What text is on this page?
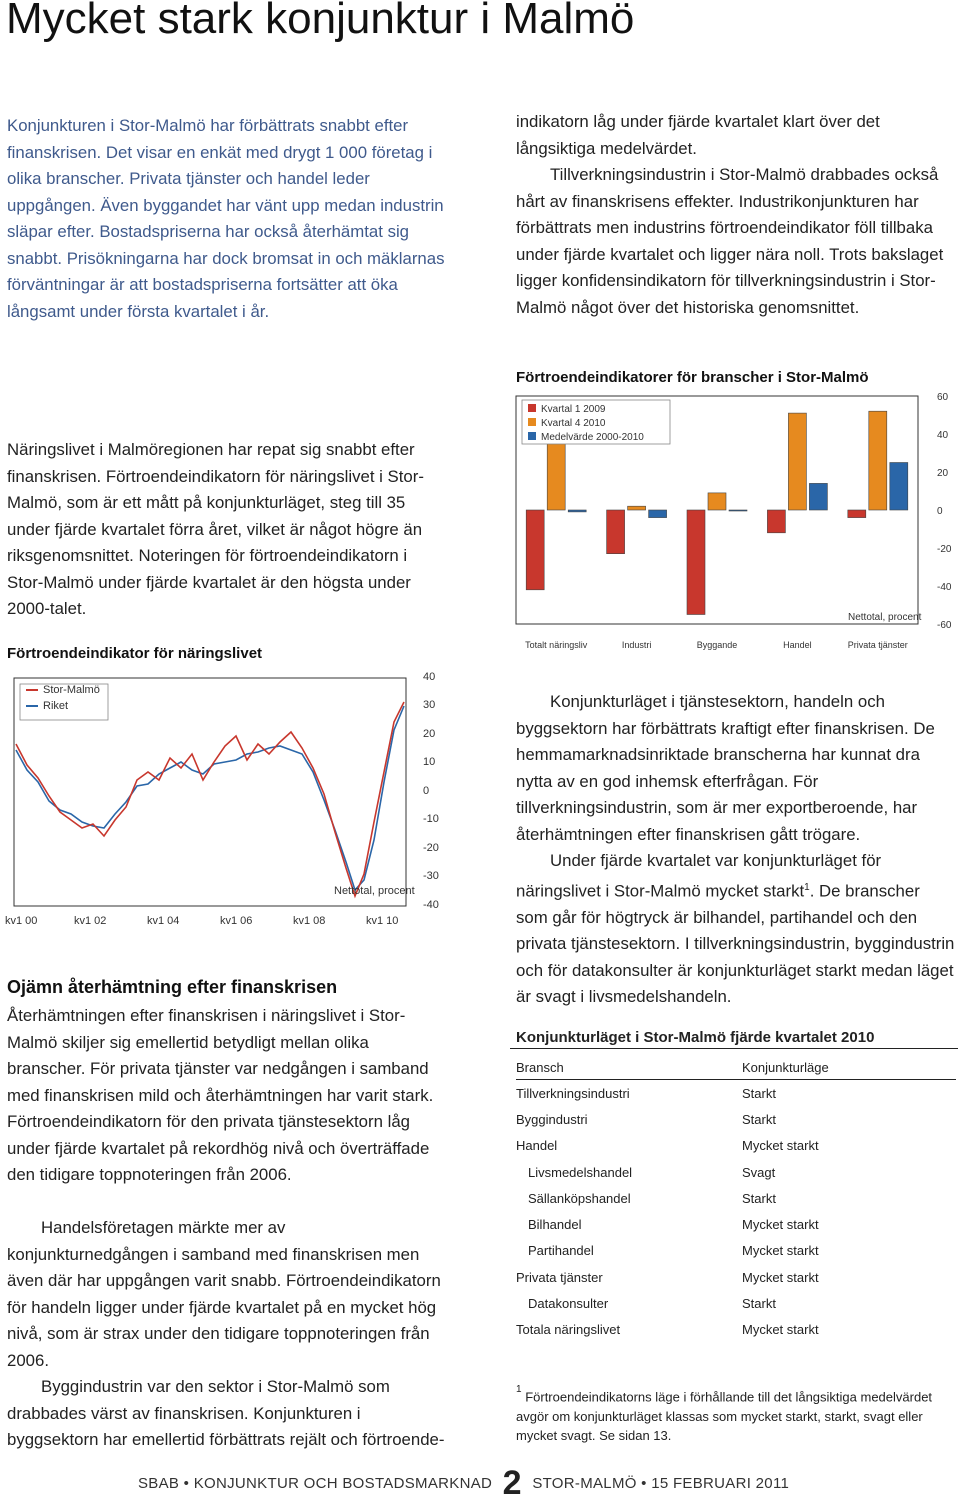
Mycket stark konjunktur i Malmö
Konjunkturen i Stor-Malmö har förbättrats snabbt efter finanskrisen. Det visar en enkät med drygt 1 000 företag i olika branscher. Privata tjänster och handel leder uppgången. Även byggandet har vänt upp medan industrin släpar efter. Bostadspriserna har också återhämtat sig snabbt. Prisökningarna har dock bromsat in och mäklarnas förväntningar är att bostadspriserna fortsätter att öka långsamt under första kvartalet i år.
Näringslivet i Malmöregionen har repat sig snabbt efter finanskrisen. Förtroendeindikatorn för näringslivet i Stor-Malmö, som är ett mått på konjunkturläget, steg till 35 under fjärde kvartalet förra året, vilket är något högre än riksgenomsnittet. Noteringen för förtroendeindikatorn i Stor-Malmö under fjärde kvartalet är den högsta under 2000-talet.
Förtroendeindikator för näringslivet
Stor-Malmö
Riket
Nettotal, procent
kv1 00	kv1 02	kv1 04	kv1 06	kv1 08	kv1 10
40
30
20
10
0
-10
-20
-30
-40
Ojämn återhämtning efter finanskrisen
Återhämtningen efter finanskrisen i näringslivet i Stor-Malmö skiljer sig emellertid betydligt mellan olika branscher. För privata tjänster var nedgången i samband med finanskrisen mild och återhämtningen har varit stark. Förtroendeindikatorn för den privata tjänstesektorn låg under fjärde kvartalet på rekordhög nivå och överträffade den tidigare toppnoteringen från 2006.
Handelsföretagen märkte mer av konjunkturnedgången i samband med finanskrisen men även där har uppgången varit snabb. Förtroendeindikatorn för handeln ligger under fjärde kvartalet på en mycket hög nivå, som är strax under den tidigare toppnoteringen från 2006.
Byggindustrin var den sektor i Stor-Malmö som drabbades värst av finanskrisen. Konjunkturen i byggsektorn har emellertid förbättrats rejält och förtroende-
indikatorn låg under fjärde kvartalet klart över det långsiktiga medelvärdet.
Tillverkningsindustrin i Stor-Malmö drabbades också hårt av finanskrisens effekter. Industrikonjunkturen har förbättrats men industrins förtroendeindikator föll tillbaka under fjärde kvartalet och ligger nära noll. Trots bakslaget ligger konfidensindikatorn för tillverkningsindustrin i Stor-Malmö något över det historiska genomsnittet.
Förtroendeindikatorer för branscher i Stor-Malmö
60
40
20
0
-20
-40
-60
Totalt näringsliv	Industri	Byggande	Handel	Privata tjänster
Kvartal 1 2009
Kvartal 4 2010
Medelvärde 2000-2010
Nettotal, procent
Konjunkturläget i tjänstesektorn, handeln och byggsektorn har förbättrats kraftigt efter finanskrisen. De hemmamarknadsinriktade branscherna har kunnat dra nytta av en god inhemsk efterfrågan. För tillverkningsindustrin, som är mer exportberoende, har återhämtningen efter finanskrisen gått trögare.
Under fjärde kvartalet var konjunkturläget för näringslivet i Stor-Malmö mycket starkt$^1$. De branscher som går för högtryck är bilhandel, partihandel och den privata tjänstesektorn. I tillverkningsindustrin, byggindustrin och för datakonsulter är konjunkturläget starkt medan läget är svagt i livsmedelshandeln.
Konjunkturläget i Stor-Malmö fjärde kvartalet 2010
Bransch	Konjunkturläge
Tillverkningsindustri	Starkt
Byggindustri	Starkt
Handel	Mycket starkt
Livsmedelshandel	Svagt
Sällanköpshandel	Starkt
Bilhandel	Mycket starkt
Partihandel	Mycket starkt
Privata tjänster	Mycket starkt
Datakonsulter	Starkt
Totala näringslivet	Mycket starkt
$^1$ Förtroendeindikatorns läge i förhållande till det långsiktiga medelvärdet avgör om konjunkturläget klassas som mycket starkt, starkt, svagt eller mycket svagt. Se sidan 13.
SBAB • KONJUNKTUR OCH BOSTADSMARKNAD 2 STOR-MALMÖ • 15 FEBRUARI 2011
